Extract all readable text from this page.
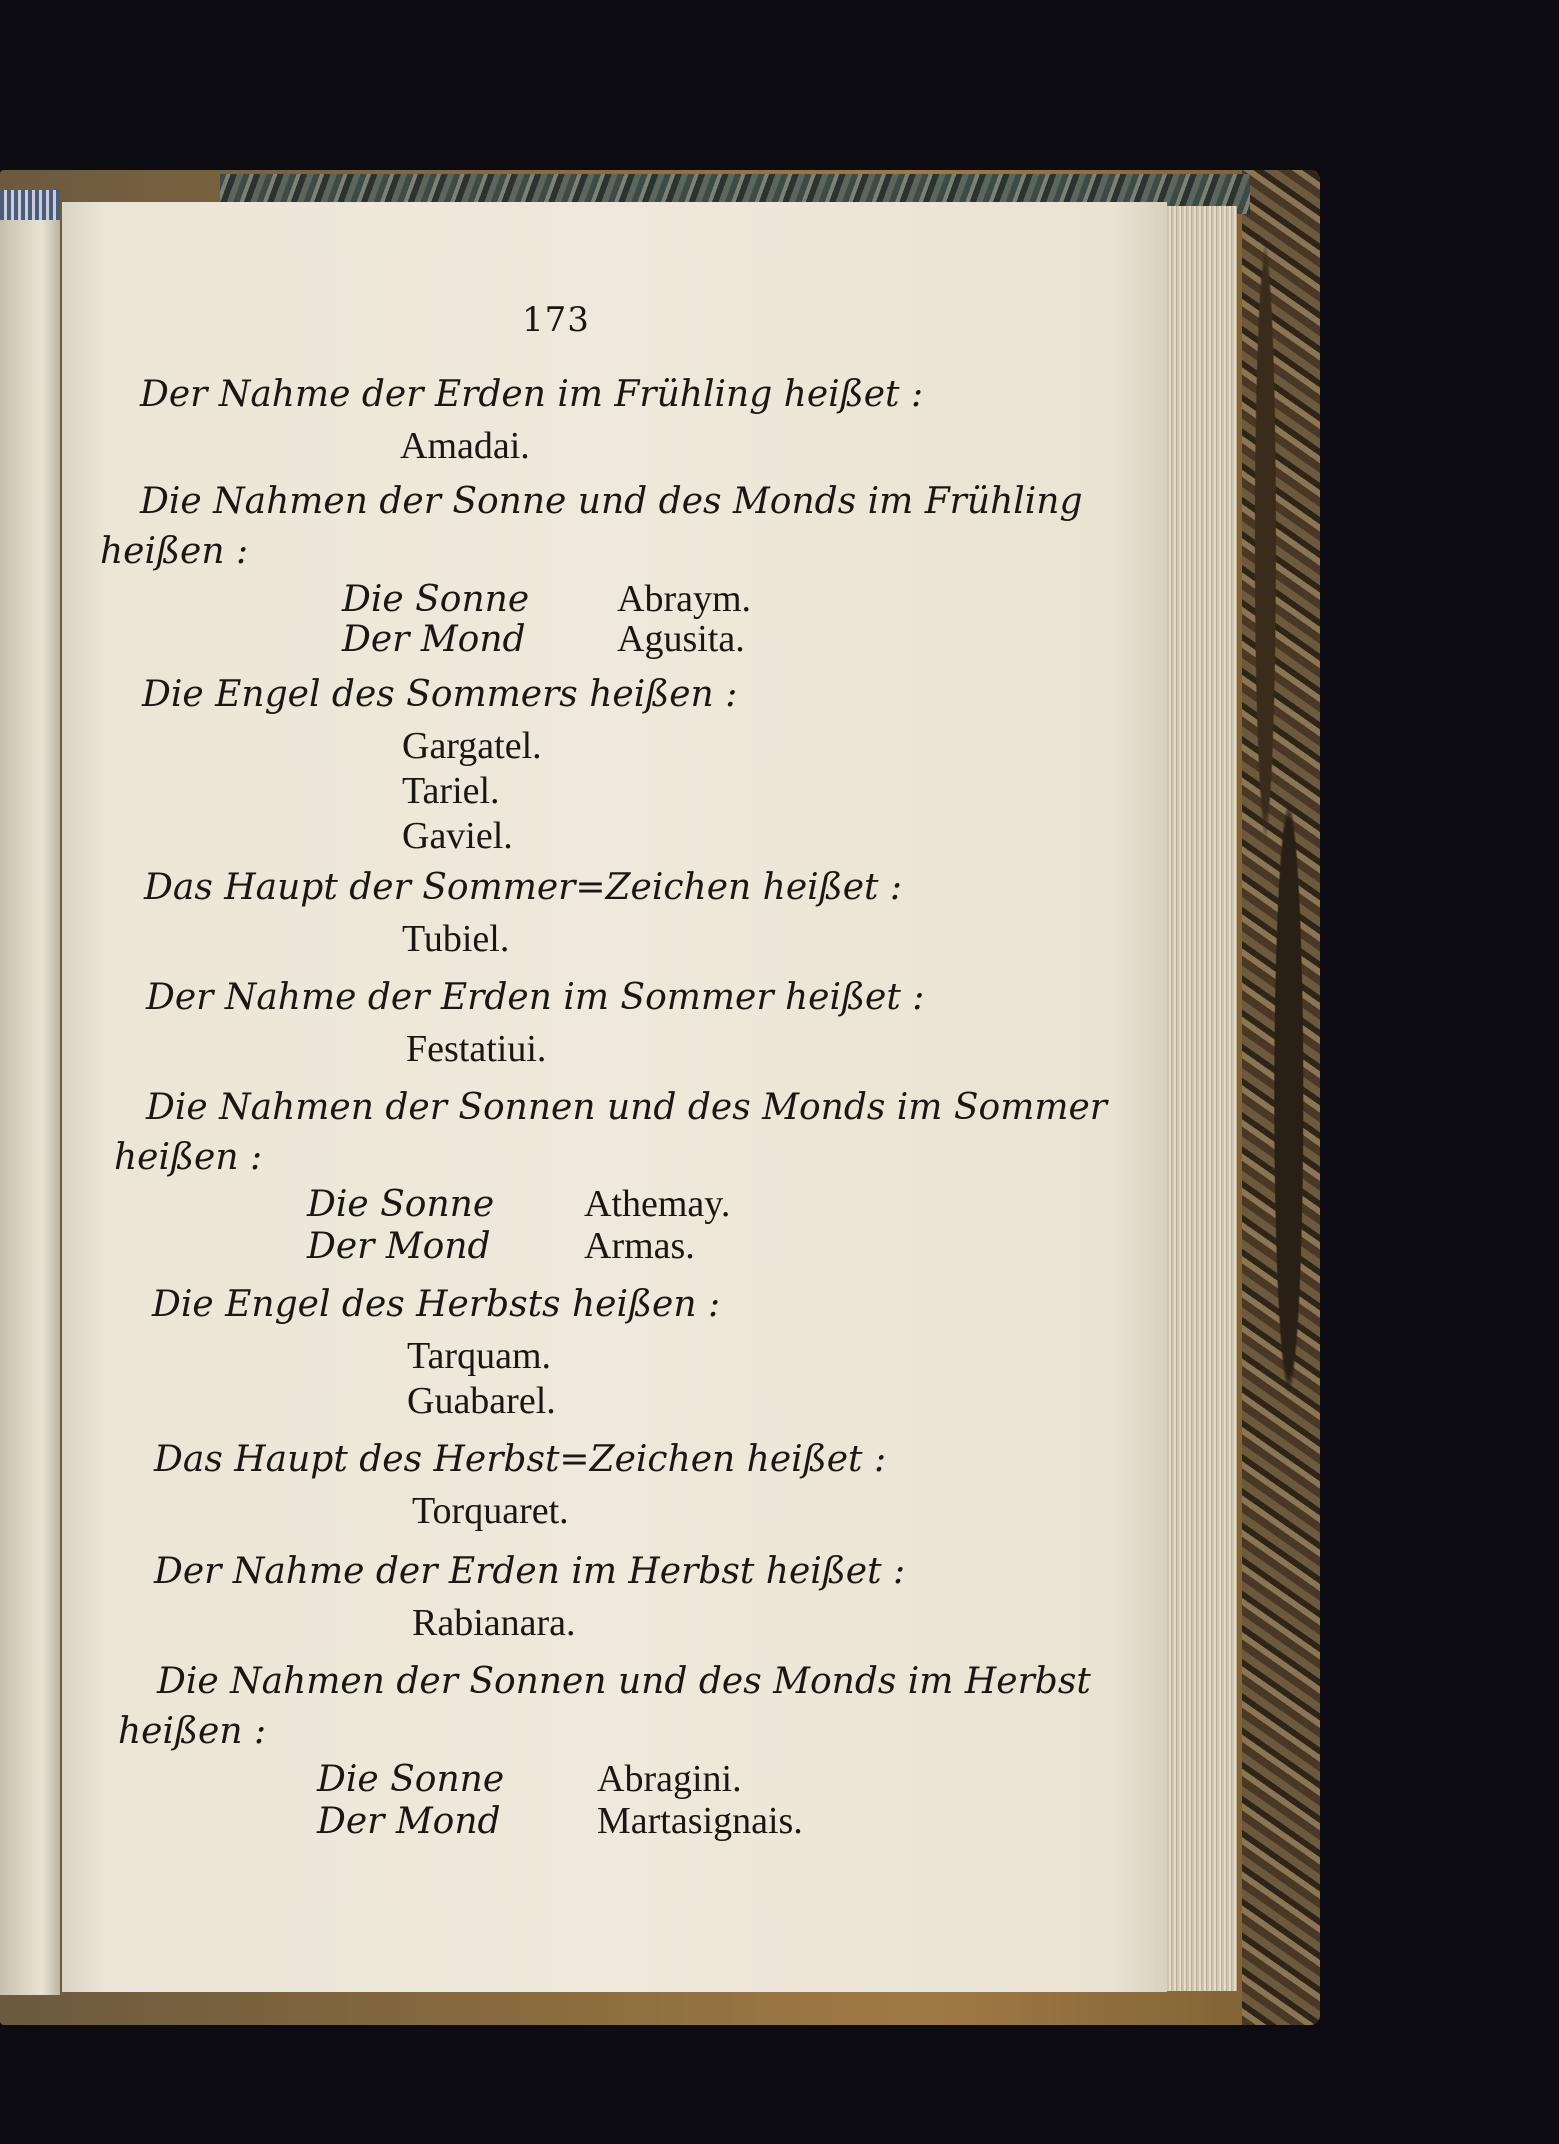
173
Der Nahme der Erden im Frühling heißet :
Amadai.
Die Nahmen der Sonne und des Monds im Frühling
heißen :
Die Sonne Abraym.
Der Mond Agusita.
Die Engel des Sommers heißen :
Gargatel.
Tariel.
Gaviel.
Das Haupt der Sommer=Zeichen heißet :
Tubiel.
Der Nahme der Erden im Sommer heißet :
Festatiui.
Die Nahmen der Sonnen und des Monds im Sommer
heißen :
Die Sonne Athemay.
Der Mond Armas.
Die Engel des Herbsts heißen :
Tarquam.
Guabarel.
Das Haupt des Herbst=Zeichen heißet :
Torquaret.
Der Nahme der Erden im Herbst heißet :
Rabianara.
Die Nahmen der Sonnen und des Monds im Herbst
heißen :
Die Sonne Abragini.
Der Mond	Martasignais.
